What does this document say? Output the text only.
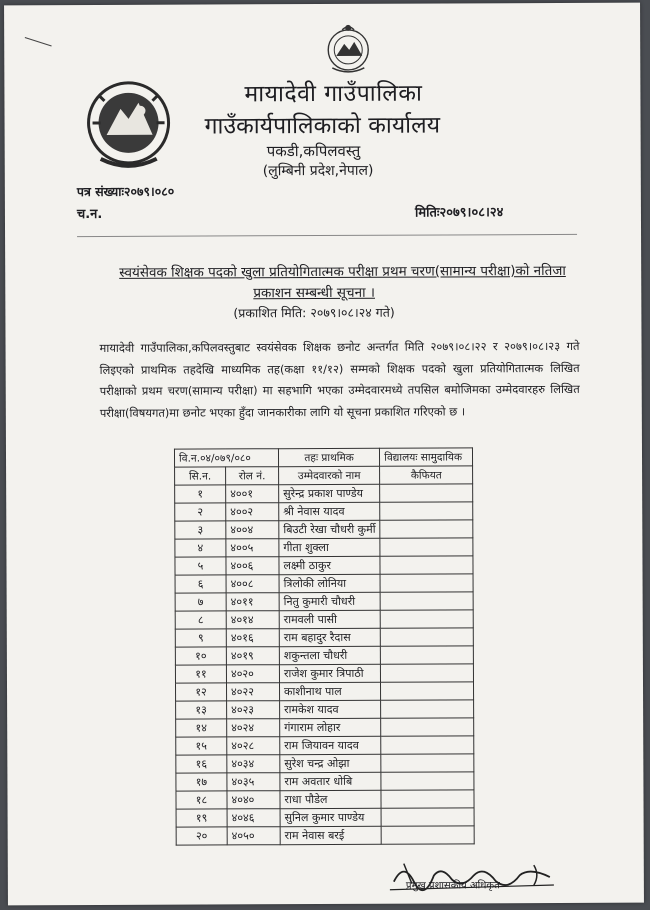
मायादेवी गाउँपालिका
गाउँकार्यपालिकाको कार्यालय
पकडी,कपिलवस्तु
(लुम्बिनी प्रदेश,नेपाल)
पत्र संख्याः२०७९।०८०
च.न.	मितिः२०७९।०८।२४
स्वयंसेवक शिक्षक पदको खुला प्रतियोगितात्मक परीक्षा प्रथम चरण(सामान्य परीक्षा)को नतिजा
प्रकाशन सम्बन्धी सूचना ।
(प्रकाशित मिति: २०७९।०८।२४ गते)

मायादेवी गाउँपालिका,कपिलवस्तुबाट स्वयंसेवक शिक्षक छनोट अन्तर्गत मिति २०७९।०८।२२ र २०७९।०८।२३ गते लिइएको प्राथमिक तहदेखि माध्यमिक तह(कक्षा ११/१२) सम्मको शिक्षक पदको खुला प्रतियोगितात्मक लिखित परीक्षाको प्रथम चरण(सामान्य परीक्षा) मा सहभागि भएका उम्मेदवारमध्ये तपसिल बमोजिमका उम्मेदवारहरु लिखित परीक्षा(विषयगत)मा छनोट भएका हुँदा जानकारीका लागि यो सूचना प्रकाशित गरिएको छ ।

वि.न.०४/०७९/०८०		तहः प्राथमिक	विद्यालयः सामुदायिक
सि.न.	रोल नं.	उम्मेदवारको नाम	कैफियत
१	४००१	सुरेन्द्र प्रकाश पाण्डेय	
२	४००२	श्री नेवास यादव	
३	४००४	बिउटी रेखा चौधरी कुर्मी	
४	४००५	गीता शुक्ला	
५	४००६	लक्ष्मी ठाकुर	
६	४००८	त्रिलोकी लोनिया	
७	४०११	नितु कुमारी चौधरी	
८	४०१४	रामवली पासी	
९	४०१६	राम बहादुर रैदास	
१०	४०१९	शकुन्तला चौधरी	
११	४०२०	राजेश कुमार त्रिपाठी	
१२	४०२२	काशीनाथ पाल	
१३	४०२३	रामकेश यादव	
१४	४०२४	गंगाराम लोहार	
१५	४०२८	राम जियावन यादव	
१६	४०३४	सुरेश चन्द्र ओझा	
१७	४०३५	राम अवतार धोबि	
१८	४०४०	राधा पौडेल	
१९	४०४६	सुनिल कुमार पाण्डेय	
२०	४०५०	राम नेवास बरई	
प्रमुख प्रशासकीय अधिकृत
